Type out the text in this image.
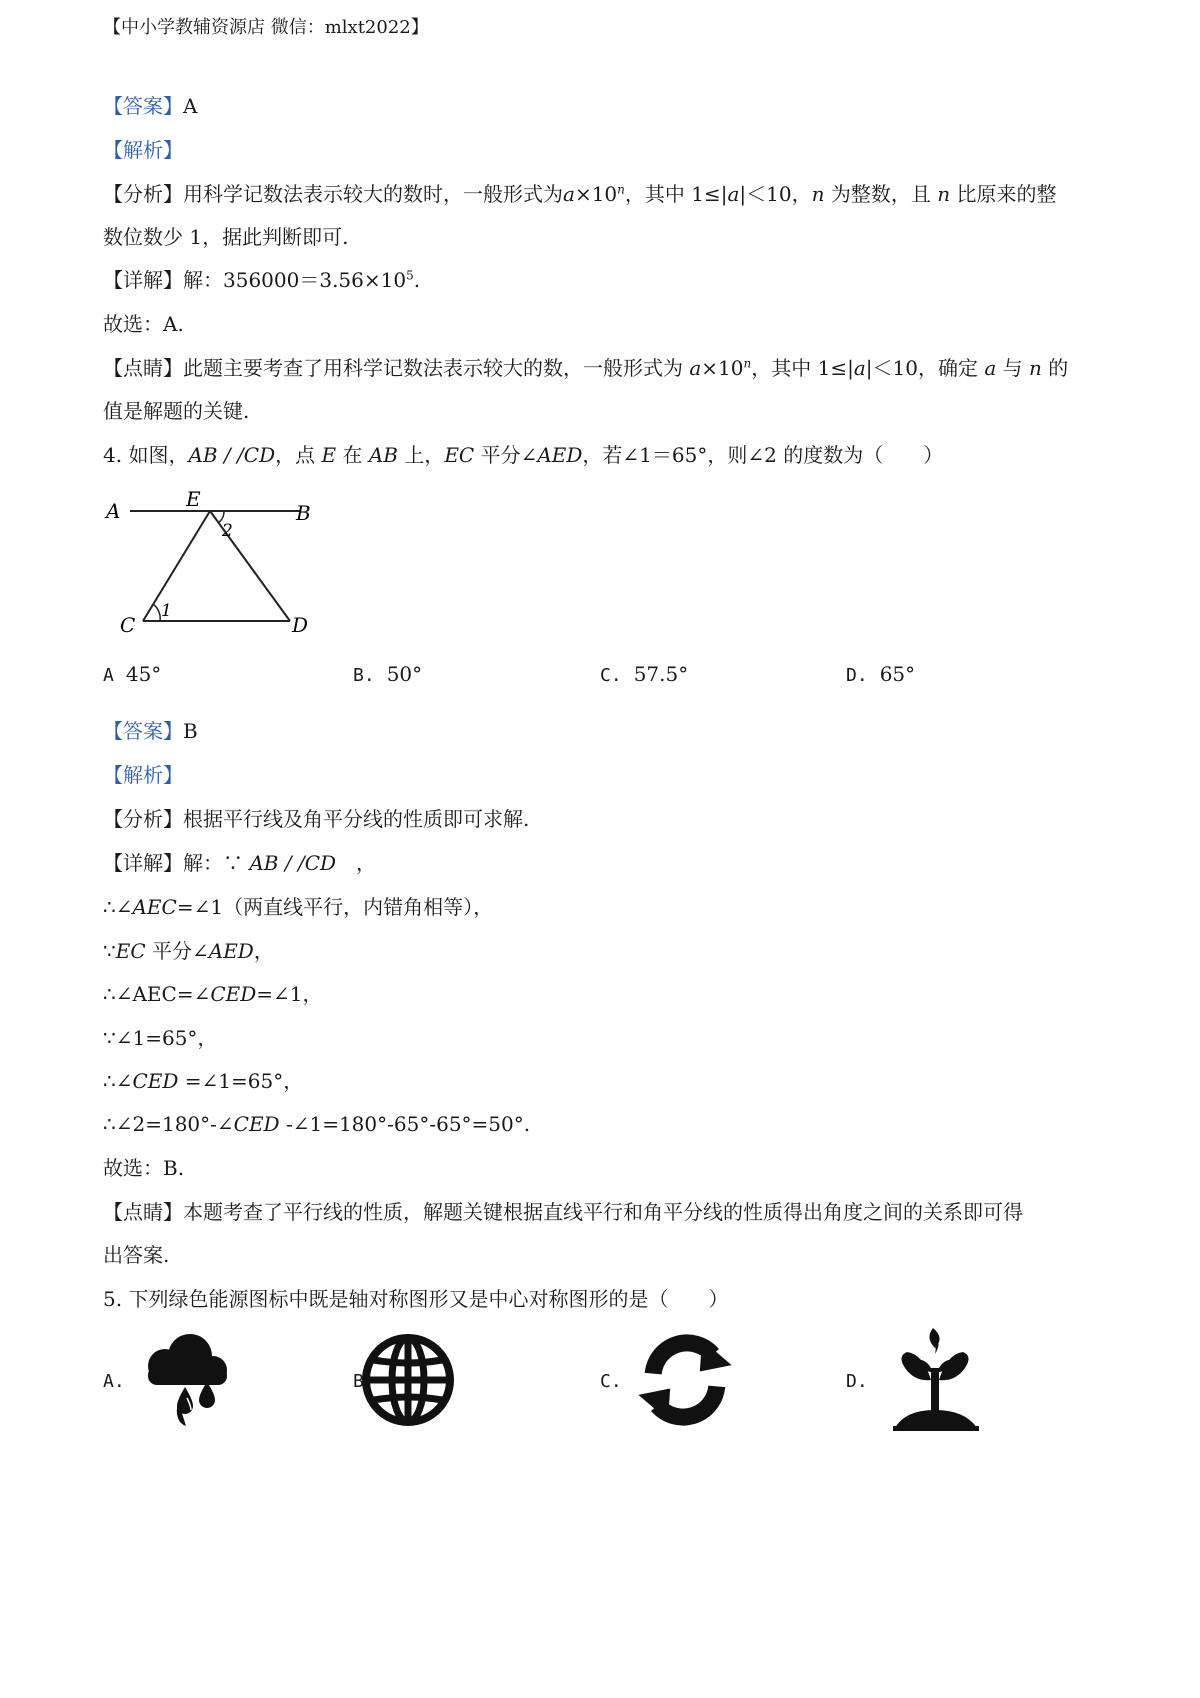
【中小学教辅资源店 微信：mlxt2022】
【答案】A
【解析】
【分析】用科学记数法表示较大的数时，一般形式为$a\times 10^n$，其中 1≤|a|＜10，n 为整数，且 n 比原来的整
数位数少 1，据此判断即可.
【详解】解：$356000=3.56\times 10^5$.
故选：A.
【点睛】此题主要考查了用科学记数法表示较大的数，一般形式为 $a\times 10^n$，其中 1≤|a|＜10，确定 a 与 n 的
值是解题的关键.
4. 如图，AB / /CD，点 E 在 AB 上，EC 平分∠AED，若∠1＝65°，则∠2 的度数为（　　）
A	E
B
C	D
1
2
A 45°	B. 50°	C. 57.5°	D. 65°
【答案】B
【解析】
【分析】根据平行线及角平分线的性质即可求解.
【详解】解：∵ AB / /CD　，
∴∠AEC=∠1（两直线平行，内错角相等），
∵EC 平分∠AED，
∴∠AEC=∠CED=∠1，
∵∠1=65°，
∴∠CED =∠1=65°，
∴∠2=180°-∠CED -∠1=180°-65°-65°=50°.
故选：B.
【点睛】本题考查了平行线的性质，解题关键根据直线平行和角平分线的性质得出角度之间的关系即可得
出答案.
5. 下列绿色能源图标中既是轴对称图形又是中心对称图形的是（　　）
A.	B.	C.	D.
